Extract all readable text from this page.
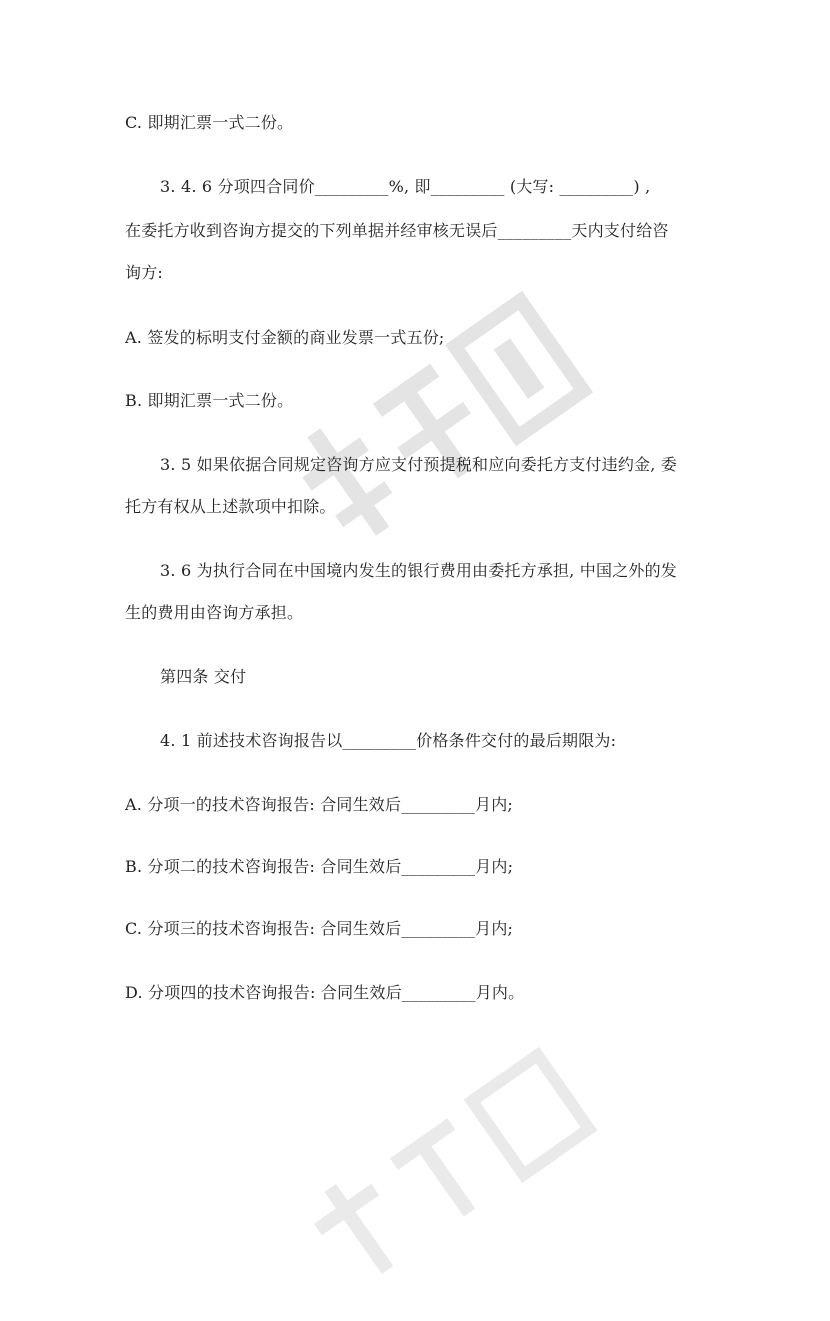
C. 即期汇票一式二份。
3. 4. 6 分项四合同价_________%, 即_________ (大写: _________) ,
在委托方收到咨询方提交的下列单据并经审核无误后_________天内支付给咨
询方:
A. 签发的标明支付金额的商业发票一式五份;
B. 即期汇票一式二份。
3. 5 如果依据合同规定咨询方应支付预提税和应向委托方支付违约金, 委
托方有权从上述款项中扣除。
3. 6 为执行合同在中国境内发生的银行费用由委托方承担, 中国之外的发
生的费用由咨询方承担。
第四条 交付
4. 1 前述技术咨询报告以_________价格条件交付的最后期限为:
A. 分项一的技术咨询报告: 合同生效后_________月内;
B. 分项二的技术咨询报告: 合同生效后_________月内;
C. 分项三的技术咨询报告: 合同生效后_________月内;
D. 分项四的技术咨询报告: 合同生效后_________月内。
